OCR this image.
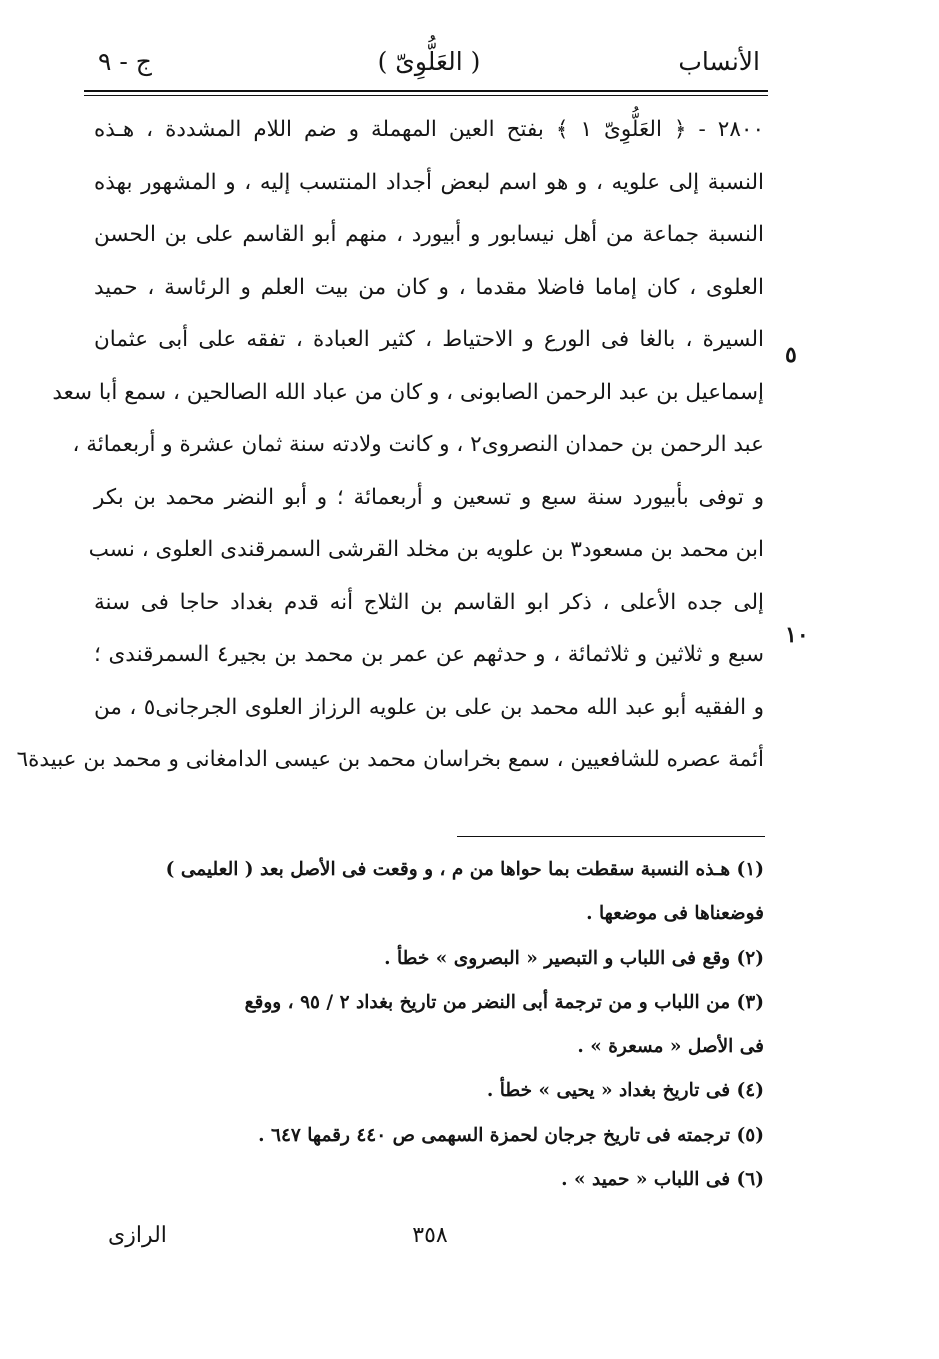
الأنساب
( العَلُّوِىّ )
ج - ٩
٥
١٠
٢٨٠٠ - ﴿ العَلُّوِىّ ١ ﴾ بفتح العين المهملة و ضم اللام المشددة ، هـذه
النسبة إلى علويه ، و هو اسم لبعض أجداد المنتسب إليه ، و المشهور بهذه
النسبة جماعة من أهل نيسابور و أبيورد ، منهم أبو القاسم على بن الحسن
العلوى ، كان إماما فاضلا مقدما ، و كان من بيت العلم و الرئاسة ، حميد
السيرة ، بالغا فى الورع و الاحتياط ، كثير العبادة ، تفقه على أبى عثمان
إسماعيل بن عبد الرحمن الصابونى ، و كان من عباد الله الصالحين ، سمع أبا سعد
عبد الرحمن بن حمدان النصروى٢ ، و كانت ولادته سنة ثمان عشرة و أربعمائة ،
و توفى بأبيورد سنة سبع و تسعين و أربعمائة ؛ و أبو النضر محمد بن بكر
ابن محمد بن مسعود٣ بن علويه بن مخلد القرشى السمرقندى العلوى ، نسب
إلى جده الأعلى ، ذكر ابو القاسم بن الثلاج أنه قدم بغداد حاجا فى سنة
سبع و ثلاثين و ثلاثمائة ، و حدثهم عن عمر بن محمد بن بجير٤ السمرقندى ؛
و الفقيه أبو عبد الله محمد بن على بن علويه الرزاز العلوى الجرجانى٥ ، من
أئمة عصره للشافعيين ، سمع بخراسان محمد بن عيسى الدامغانى و محمد بن عبيدة٦
(١) هـذه النسبة سقطت بما حواها من م ، و وقعت فى الأصل بعد ( العليمى )
فوضعناها فى موضعها .
(٢) وقع فى اللباب و التبصير « البصروى » خطأ .
(٣) من اللباب و من ترجمة أبى النضر من تاريخ بغداد ٢ / ٩٥ ، ووقع
فى الأصل « مسعرة » .
(٤) فى تاريخ بغداد « يحيى » خطأ .
(٥) ترجمته فى تاريخ جرجان لحمزة السهمى ص ٤٤٠ رقمها ٦٤٧ .
(٦) فى اللباب « حميد » .
٣٥٨
الرازى
